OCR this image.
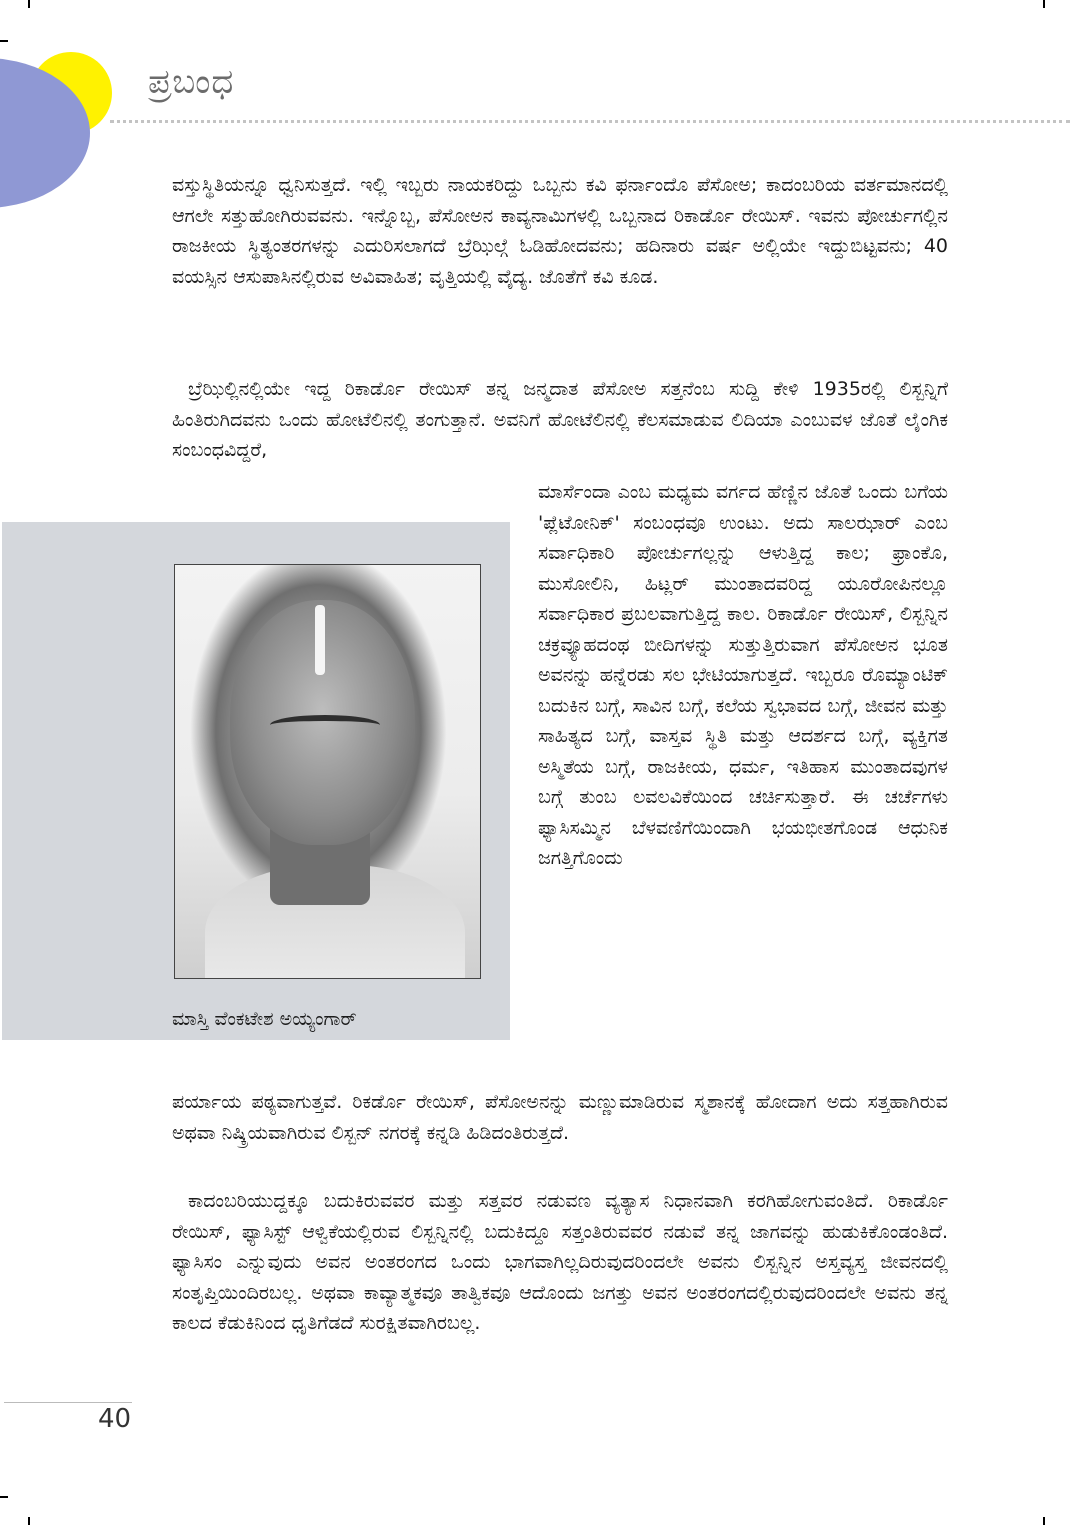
ಪ್ರಬಂಧ

ವಸ್ತುಸ್ಥಿತಿಯನ್ನೂ ಧ್ವನಿಸುತ್ತದೆ. ಇಲ್ಲಿ ಇಬ್ಬರು ನಾಯಕರಿದ್ದು ಒಬ್ಬನು ಕವಿ ಫರ್ನಾಂದೊ ಪೆಸೋಅ; ಕಾದಂಬರಿಯ ವರ್ತಮಾನದಲ್ಲಿ ಆಗಲೇ ಸತ್ತುಹೋಗಿರುವವನು. ಇನ್ನೊಬ್ಬ, ಪೆಸೋಅನ ಕಾವ್ಯನಾಮಿಗಳಲ್ಲಿ ಒಬ್ಬನಾದ ರಿಕಾರ್ಡೊ ರೇಯಿಸ್. ಇವನು ಪೋರ್ಚುಗಲ್ಲಿನ ರಾಜಕೀಯ ಸ್ಥಿತ್ಯಂತರಗಳನ್ನು ಎದುರಿಸಲಾಗದೆ ಬ್ರೆಝಿಲ್ಗೆ ಓಡಿಹೋದವನು; ಹದಿನಾರು ವರ್ಷ ಅಲ್ಲಿಯೇ ಇದ್ದುಬಿಟ್ಟವನು; 40 ವಯಸ್ಸಿನ ಆಸುಪಾಸಿನಲ್ಲಿರುವ ಅವಿವಾಹಿತ; ವೃತ್ತಿಯಲ್ಲಿ ವೈದ್ಯ. ಜೊತೆಗೆ ಕವಿ ಕೂಡ.

ಬ್ರೆಝಿಲ್ಲಿನಲ್ಲಿಯೇ ಇದ್ದ ರಿಕಾರ್ಡೊ ರೇಯಿಸ್ ತನ್ನ ಜನ್ಮದಾತ ಪೆಸೋಅ ಸತ್ತನೆಂಬ ಸುದ್ದಿ ಕೇಳಿ 1935ರಲ್ಲಿ ಲಿಸ್ಬನ್ನಿಗೆ ಹಿಂತಿರುಗಿದವನು ಒಂದು ಹೋಟೆಲಿನಲ್ಲಿ ತಂಗುತ್ತಾನೆ. ಅವನಿಗೆ ಹೋಟೆಲಿನಲ್ಲಿ ಕೆಲಸಮಾಡುವ ಲಿದಿಯಾ ಎಂಬುವಳ ಜೊತೆ ಲೈಂಗಿಕ ಸಂಬಂಧವಿದ್ದರೆ,

ಮಾರ್ಸೆಂದಾ ಎಂಬ ಮಧ್ಯಮ ವರ್ಗದ ಹೆಣ್ಣಿನ ಜೊತೆ ಒಂದು ಬಗೆಯ 'ಪ್ಲೆಟೋನಿಕ್' ಸಂಬಂಧವೂ ಉಂಟು. ಅದು ಸಾಲಝಾರ್ ಎಂಬ ಸರ್ವಾಧಿಕಾರಿ ಪೋರ್ಚುಗಲ್ಲನ್ನು ಆಳುತ್ತಿದ್ದ ಕಾಲ; ಫ್ರಾಂಕೊ, ಮುಸೋಲಿನಿ, ಹಿಟ್ಲರ್ ಮುಂತಾದವರಿದ್ದ ಯೂರೋಪಿನಲ್ಲೂ ಸರ್ವಾಧಿಕಾರ ಪ್ರಬಲವಾಗುತ್ತಿದ್ದ ಕಾಲ. ರಿಕಾರ್ಡೊ ರೇಯಿಸ್, ಲಿಸ್ಬನ್ನಿನ ಚಕ್ರವ್ಯೂಹದಂಥ ಬೀದಿಗಳನ್ನು ಸುತ್ತುತ್ತಿರುವಾಗ ಪೆಸೋಅನ ಭೂತ ಅವನನ್ನು ಹನ್ನೆರಡು ಸಲ ಭೇಟಿಯಾಗುತ್ತದೆ. ಇಬ್ಬರೂ ರೊಮ್ಯಾಂಟಿಕ್ ಬದುಕಿನ ಬಗ್ಗೆ, ಸಾವಿನ ಬಗ್ಗೆ, ಕಲೆಯ ಸ್ವಭಾವದ ಬಗ್ಗೆ, ಜೀವನ ಮತ್ತು ಸಾಹಿತ್ಯದ ಬಗ್ಗೆ, ವಾಸ್ತವ ಸ್ಥಿತಿ ಮತ್ತು ಆದರ್ಶದ ಬಗ್ಗೆ, ವ್ಯಕ್ತಿಗತ ಅಸ್ಮಿತೆಯ ಬಗ್ಗೆ, ರಾಜಕೀಯ, ಧರ್ಮ, ಇತಿಹಾಸ ಮುಂತಾದವುಗಳ ಬಗ್ಗೆ ತುಂಬ ಲವಲವಿಕೆಯಿಂದ ಚರ್ಚಿಸುತ್ತಾರೆ. ಈ ಚರ್ಚೆಗಳು ಫ್ಯಾಸಿಸಮ್ಮಿನ ಬೆಳವಣಿಗೆಯಿಂದಾಗಿ ಭಯಭೀತಗೊಂಡ ಆಧುನಿಕ ಜಗತ್ತಿಗೊಂದು

ಮಾಸ್ತಿ ವೆಂಕಟೇಶ ಅಯ್ಯಂಗಾರ್

ಪರ್ಯಾಯ ಪಠ್ಯವಾಗುತ್ತವೆ. ರಿಕರ್ಡೊ ರೇಯಿಸ್, ಪೆಸೋಅನನ್ನು ಮಣ್ಣುಮಾಡಿರುವ ಸ್ಮಶಾನಕ್ಕೆ ಹೋದಾಗ ಅದು ಸತ್ತಹಾಗಿರುವ ಅಥವಾ ನಿಷ್ಕ್ರಿಯವಾಗಿರುವ ಲಿಸ್ಬನ್ ನಗರಕ್ಕೆ ಕನ್ನಡಿ ಹಿಡಿದಂತಿರುತ್ತದೆ.

ಕಾದಂಬರಿಯುದ್ದಕ್ಕೂ ಬದುಕಿರುವವರ ಮತ್ತು ಸತ್ತವರ ನಡುವಣ ವ್ಯತ್ಯಾಸ ನಿಧಾನವಾಗಿ ಕರಗಿಹೋಗುವಂತಿದೆ. ರಿಕಾರ್ಡೊ ರೇಯಿಸ್, ಫ್ಯಾಸಿಸ್ಟ್ ಆಳ್ವಿಕೆಯಲ್ಲಿರುವ ಲಿಸ್ಬನ್ನಿನಲ್ಲಿ ಬದುಕಿದ್ದೂ ಸತ್ತಂತಿರುವವರ ನಡುವೆ ತನ್ನ ಜಾಗವನ್ನು ಹುಡುಕಿಕೊಂಡಂತಿದೆ. ಫ್ಯಾಸಿಸಂ ಎನ್ನುವುದು ಅವನ ಅಂತರಂಗದ ಒಂದು ಭಾಗವಾಗಿಲ್ಲದಿರುವುದರಿಂದಲೇ ಅವನು ಲಿಸ್ಬನ್ನಿನ ಅಸ್ತವ್ಯಸ್ತ ಜೀವನದಲ್ಲಿ ಸಂತೃಪ್ತಿಯಿಂದಿರಬಲ್ಲ. ಅಥವಾ ಕಾವ್ಯಾತ್ಮಕವೂ ತಾತ್ವಿಕವೂ ಆದೊಂದು ಜಗತ್ತು ಅವನ ಅಂತರಂಗದಲ್ಲಿರುವುದರಿಂದಲೇ ಅವನು ತನ್ನ ಕಾಲದ ಕೆಡುಕಿನಿಂದ ಧೃತಿಗೆಡದೆ ಸುರಕ್ಷಿತವಾಗಿರಬಲ್ಲ.

40
